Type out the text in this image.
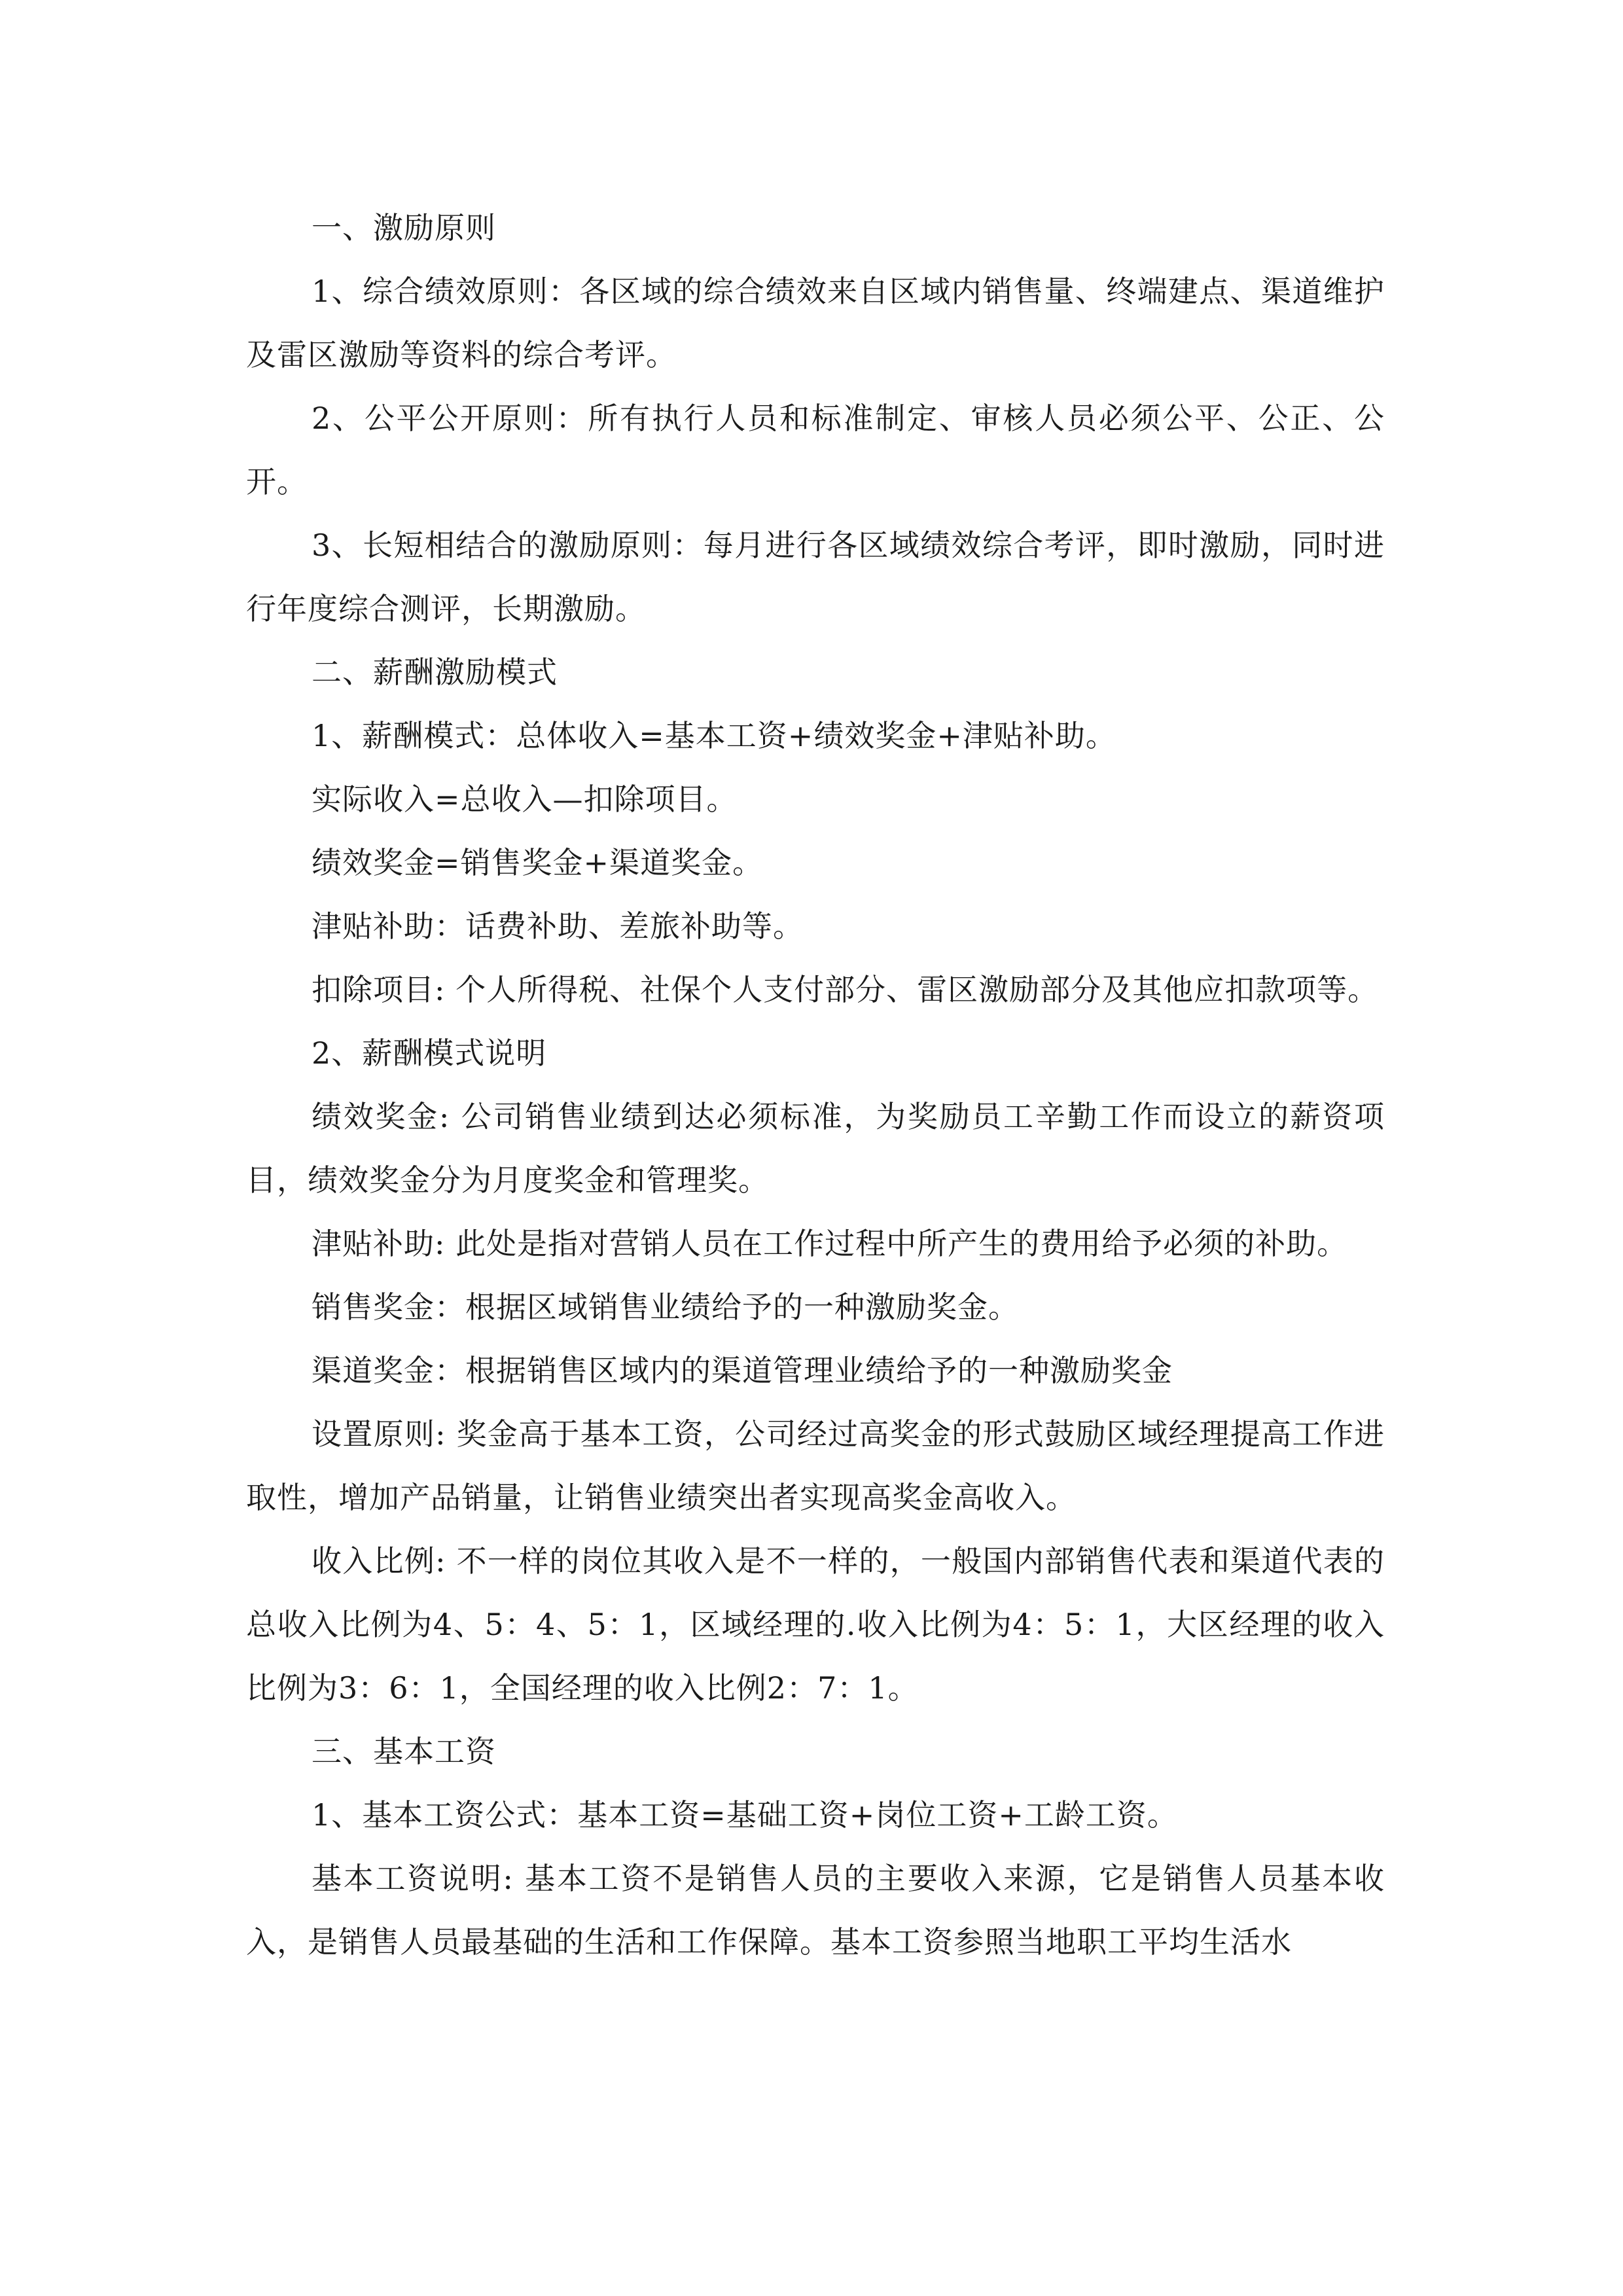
一、激励原则

1、综合绩效原则：各区域的综合绩效来自区域内销售量、终端建点、渠道维护及雷区激励等资料的综合考评。

2、公平公开原则：所有执行人员和标准制定、审核人员必须公平、公正、公开。

3、长短相结合的激励原则：每月进行各区域绩效综合考评，即时激励，同时进行年度综合测评，长期激励。

二、薪酬激励模式

1、薪酬模式：总体收入=基本工资+绩效奖金+津贴补助。

实际收入=总收入—扣除项目。

绩效奖金=销售奖金+渠道奖金。

津贴补助：话费补助、差旅补助等。

扣除项目: 个人所得税、社保个人支付部分、雷区激励部分及其他应扣款项等。

2、薪酬模式说明

绩效奖金: 公司销售业绩到达必须标准，为奖励员工辛勤工作而设立的薪资项目，绩效奖金分为月度奖金和管理奖。

津贴补助: 此处是指对营销人员在工作过程中所产生的费用给予必须的补助。

销售奖金：根据区域销售业绩给予的一种激励奖金。

渠道奖金：根据销售区域内的渠道管理业绩给予的一种激励奖金

设置原则: 奖金高于基本工资，公司经过高奖金的形式鼓励区域经理提高工作进取性，增加产品销量，让销售业绩突出者实现高奖金高收入。

收入比例: 不一样的岗位其收入是不一样的，一般国内部销售代表和渠道代表的总收入比例为4、5：4、5：1，区域经理的.收入比例为4：5：1，大区经理的收入比例为3：6：1，全国经理的收入比例2：7：1。

三、基本工资

1、基本工资公式：基本工资=基础工资+岗位工资+工龄工资。

基本工资说明: 基本工资不是销售人员的主要收入来源，它是销售人员基本收入，是销售人员最基础的生活和工作保障。基本工资参照当地职工平均生活水
